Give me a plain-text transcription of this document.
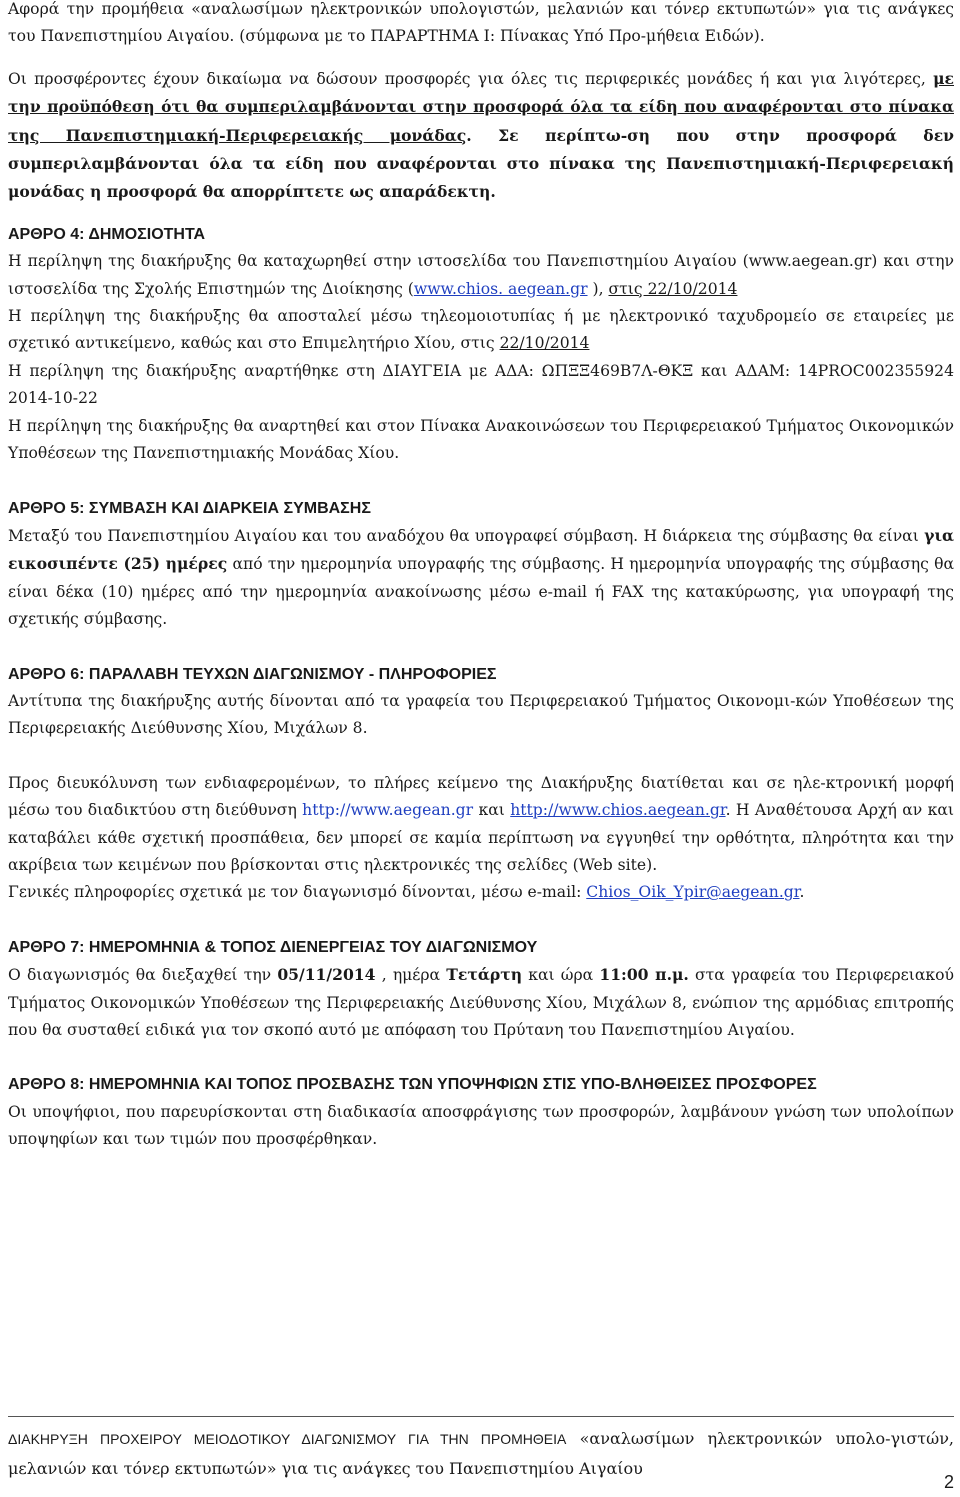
Αφορά την προμήθεια «αναλωσίμων ηλεκτρονικών υπολογιστών, μελανιών και τόνερ εκτυπωτών» για τις ανάγκες του Πανεπιστημίου Αιγαίου. (σύμφωνα με το ΠΑΡΑΡΤΗΜΑ Ι: Πίνακας Υπό Προ-μήθεια Ειδών).
Οι προσφέροντες έχουν δικαίωμα να δώσουν προσφορές για όλες τις περιφερικές μονάδες ή και για λιγότερες, με την προϋπόθεση ότι θα συμπεριλαμβάνονται στην προσφορά όλα τα είδη που αναφέρονται στο πίνακα της Πανεπιστημιακή-Περιφερειακής μονάδας. Σε περίπτω-ση που στην προσφορά δεν συμπεριλαμβάνονται όλα τα είδη που αναφέρονται στο πίνακα της Πανεπιστημιακή-Περιφερειακή μονάδας η προσφορά θα απορρίπτετε ως απαράδεκτη.
ΑΡΘΡΟ 4: ΔΗΜΟΣΙΟΤΗΤΑ
Η περίληψη της διακήρυξης θα καταχωρηθεί στην ιστοσελίδα του Πανεπιστημίου Αιγαίου (www.aegean.gr) και στην ιστοσελίδα της Σχολής Επιστημών της Διοίκησης (www.chios. aegean.gr ), στις 22/10/2014
Η περίληψη της διακήρυξης θα αποσταλεί μέσω τηλεομοιοτυπίας ή με ηλεκτρονικό ταχυδρομείο σε εταιρείες με σχετικό αντικείμενο, καθώς και στο Επιμελητήριο Χίου, στις 22/10/2014
Η περίληψη της διακήρυξης αναρτήθηκε στη ΔΙΑΥΓΕΙΑ με ΑΔΑ: ΩΠΞΞ469Β7Λ-ΘΚΞ και ΑΔΑΜ: 14PROC002355924 2014-10-22
Η περίληψη της διακήρυξης θα αναρτηθεί και στον Πίνακα Ανακοινώσεων του Περιφερειακού Τμήματος Οικονομικών Υποθέσεων της Πανεπιστημιακής Μονάδας Χίου.
ΑΡΘΡΟ 5: ΣΥΜΒΑΣΗ ΚΑΙ ΔΙΑΡΚΕΙΑ ΣΥΜΒΑΣΗΣ
Μεταξύ του Πανεπιστημίου Αιγαίου και του αναδόχου θα υπογραφεί σύμβαση. Η διάρκεια της σύμβασης θα είναι για εικοσιπέντε (25) ημέρες από την ημερομηνία υπογραφής της σύμβασης. Η ημερομηνία υπογραφής της σύμβασης θα είναι δέκα (10) ημέρες από την ημερομηνία ανακοίνωσης μέσω e-mail ή FAX της κατακύρωσης, για υπογραφή της σχετικής σύμβασης.
ΑΡΘΡΟ 6: ΠΑΡΑΛΑΒΗ ΤΕΥΧΩΝ ΔΙΑΓΩΝΙΣΜΟΥ - ΠΛΗΡΟΦΟΡΙΕΣ
Αντίτυπα της διακήρυξης αυτής δίνονται από τα γραφεία του Περιφερειακού Τμήματος Οικονομι-κών Υποθέσεων της Περιφερειακής Διεύθυνσης Χίου, Μιχάλων 8.
Προς διευκόλυνση των ενδιαφερομένων, το πλήρες κείμενο της Διακήρυξης διατίθεται και σε ηλε-κτρονική μορφή μέσω του διαδικτύου στη διεύθυνση http://www.aegean.gr και http://www.chios.aegean.gr. Η Αναθέτουσα Αρχή αν και καταβάλει κάθε σχετική προσπάθεια, δεν μπορεί σε καμία περίπτωση να εγγυηθεί την ορθότητα, πληρότητα και την ακρίβεια των κειμένων που βρίσκονται στις ηλεκτρονικές της σελίδες (Web site).
Γενικές πληροφορίες σχετικά με τον διαγωνισμό δίνονται, μέσω e-mail: Chios_Oik_Ypir@aegean.gr.
ΑΡΘΡΟ 7: ΗΜΕΡΟΜΗΝΙΑ & ΤΟΠΟΣ ΔΙΕΝΕΡΓΕΙΑΣ ΤΟΥ ΔΙΑΓΩΝΙΣΜΟΥ
Ο διαγωνισμός θα διεξαχθεί την 05/11/2014 , ημέρα Τετάρτη και ώρα 11:00 π.μ. στα γραφεία του Περιφερειακού Τμήματος Οικονομικών Υποθέσεων της Περιφερειακής Διεύθυνσης Χίου, Μιχάλων 8, ενώπιον της αρμόδιας επιτροπής που θα συσταθεί ειδικά για τον σκοπό αυτό με απόφαση του Πρύτανη του Πανεπιστημίου Αιγαίου.
ΑΡΘΡΟ 8: ΗΜΕΡΟΜΗΝΙΑ ΚΑΙ ΤΟΠΟΣ ΠΡΟΣΒΑΣΗΣ ΤΩΝ ΥΠΟΨΗΦΙΩΝ ΣΤΙΣ ΥΠΟ-ΒΛΗΘΕΙΣΕΣ ΠΡΟΣΦΟΡΕΣ
Οι υποψήφιοι, που παρευρίσκονται στη διαδικασία αποσφράγισης των προσφορών, λαμβάνουν γνώση των υπολοίπων υποψηφίων και των τιμών που προσφέρθηκαν.
ΔΙΑΚΗΡΥΞΗ ΠΡΟΧΕΙΡΟΥ ΜΕΙΟΔΟΤΙΚΟΥ ΔΙΑΓΩΝΙΣΜΟΥ ΓΙΑ ΤΗΝ ΠΡΟΜΗΘΕΙΑ «αναλωσίμων ηλεκτρονικών υπολο-γιστών, μελανιών και τόνερ εκτυπωτών» για τις ανάγκες του Πανεπιστημίου Αιγαίου
2
